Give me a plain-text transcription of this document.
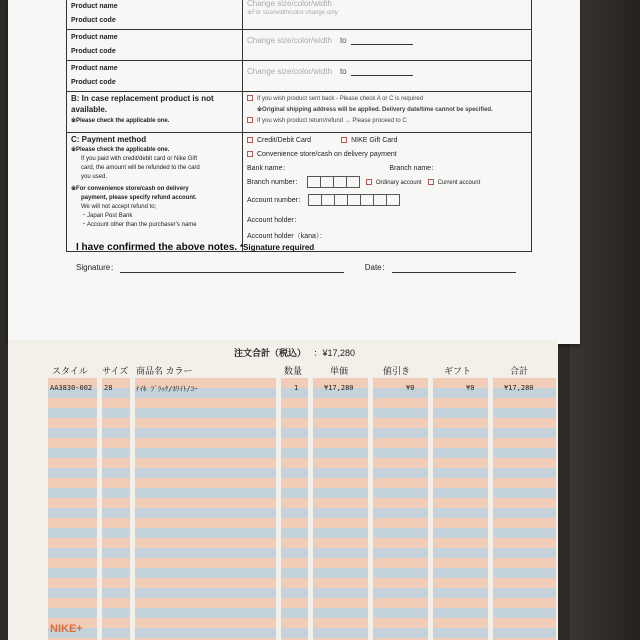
Product name
Product code
Change size/color/width
※For size/width/color change only
Product name
Product code
Change size/color/width to
Product name
Product code
Change size/color/width to
B: In case replacement product is not available.
※Please check the applicable one.
If you wish product sent back - Please check A or C is required
※Original shipping address will be applied. Delivery date/time cannot be specified.
If you wish product return/refund → Please proceed to C
C: Payment method
※Please check the applicable one.
If you paid with credit/debit card or Nike Gift
card, the amount will be refunded to the card
you used.
※For convenience store/cash on delivery
payment, please specify refund account.
We will not accept refund to;
・Japan Post Bank
・Account other than the purchaser's name
Credit/Debit Card	NIKE Gift Card
Convenience store/cash on delivery payment
Bank name：	Branch name：
Branch number：	Ordinary account	Current account
Account number：
Account holder：
Account holder（kana）：
I have confirmed the above notes. *Signature required
Signature：	Date：
注文合計（税込） ：¥17,280
スタイル サイズ 商品名 カラー	数量	単価	値引き	ギフト	合計
AA3830-002 28	ﾅｲｷ ﾌﾞﾗｯｸ/ﾎﾜｲﾄ/ｺｰ	1	¥17,280	¥0	¥0	¥17,280
NIKE+
